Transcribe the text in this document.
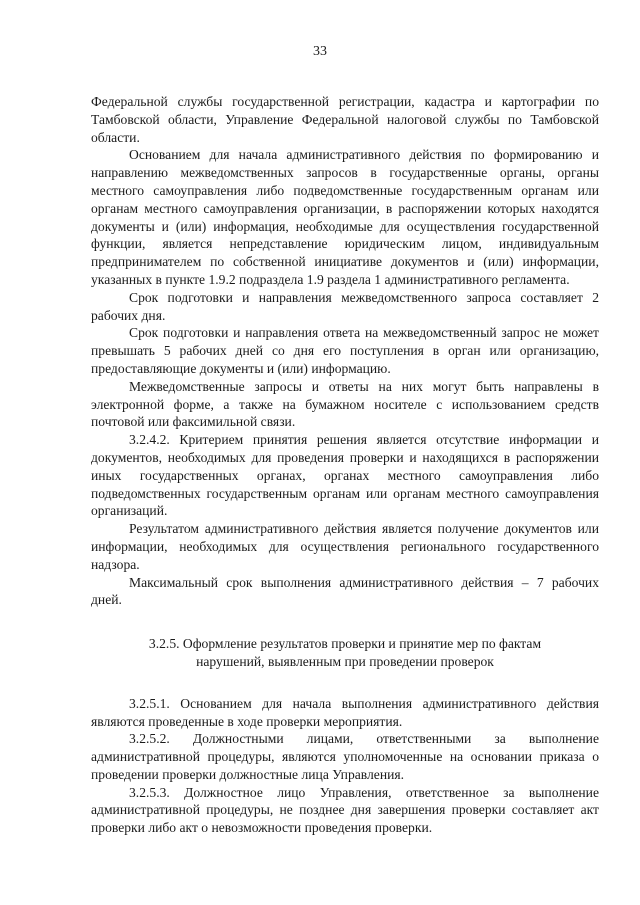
33

Федеральной службы государственной регистрации, кадастра и картографии по Тамбовской области, Управление Федеральной налоговой службы по Тамбовской области.

Основанием для начала административного действия по формированию и направлению межведомственных запросов в государственные органы, органы местного самоуправления либо подведомственные государственным органам или органам местного самоуправления организации, в распоряжении которых находятся документы и (или) информация, необходимые для осуществления государственной функции, является непредставление юридическим лицом, индивидуальным предпринимателем по собственной инициативе документов и (или) информации, указанных в пункте 1.9.2 подраздела 1.9 раздела 1 административного регламента.

Срок подготовки и направления межведомственного запроса составляет 2 рабочих дня.

Срок подготовки и направления ответа на межведомственный запрос не может превышать 5 рабочих дней со дня его поступления в орган или организацию, предоставляющие документы и (или) информацию.

Межведомственные запросы и ответы на них могут быть направлены в электронной форме, а также на бумажном носителе с использованием средств почтовой или факсимильной связи.

3.2.4.2. Критерием принятия решения является отсутствие информации и документов, необходимых для проведения проверки и находящихся в распоряжении иных государственных органах, органах местного самоуправления либо подведомственных государственным органам или органам местного самоуправления организаций.

Результатом административного действия является получение документов или информации, необходимых для осуществления регионального государственного надзора.

Максимальный срок выполнения административного действия – 7 рабочих дней.

3.2.5. Оформление результатов проверки и принятие мер по фактам
нарушений, выявленным при проведении проверок

3.2.5.1. Основанием для начала выполнения административного действия являются проведенные в ходе проверки мероприятия.

3.2.5.2. Должностными лицами, ответственными за выполнение административной процедуры, являются уполномоченные на основании приказа о проведении проверки должностные лица Управления.

3.2.5.3. Должностное лицо Управления, ответственное за выполнение административной процедуры, не позднее дня завершения проверки составляет акт проверки либо акт о невозможности проведения проверки.
